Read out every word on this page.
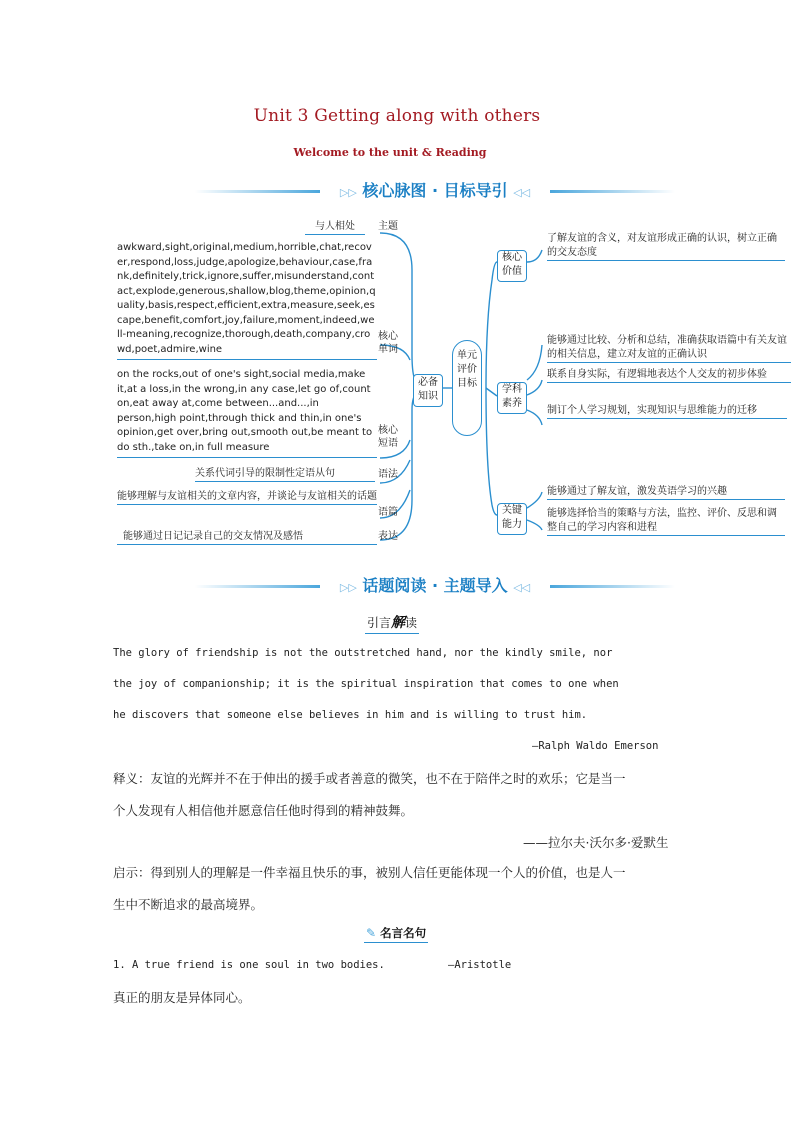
Unit 3 Getting along with others
Welcome to the unit & Reading
▷▷ 核心脉图 · 目标导引 ◁◁
与人相处	主题
awkward,sight,original,medium,horrible,chat,recover,respond,loss,judge,apologize,behaviour,case,frank,definitely,trick,ignore,suffer,misunderstand,contact,explode,generous,shallow,blog,theme,opinion,quality,basis,respect,efficient,extra,measure,seek,escape,benefit,comfort,joy,failure,moment,indeed,well-meaning,recognize,thorough,death,company,crowd,poet,admire,wine
核心
单词
on the rocks,out of one's sight,social media,make it,at a loss,in the wrong,in any case,let go of,count on,eat away at,come between...and...,in person,high point,through thick and thin,in one's opinion,get over,bring out,smooth out,be meant to do sth.,take on,in full measure
核心
短语
关系代词引导的限制性定语从句	语法
能够理解与友谊相关的文章内容，并谈论与友谊相关的话题
语篇
能够通过日记记录自己的交友情况及感悟	表达
必备
知识
单元评价目标
核心
价值
学科
素养
关键
能力
了解友谊的含义，对友谊形成正确的认识，树立正确的交友态度
能够通过比较、分析和总结，准确获取语篇中有关友谊的相关信息，建立对友谊的正确认识
联系自身实际，有逻辑地表达个人交友的初步体验
制订个人学习规划，实现知识与思维能力的迁移
能够通过了解友谊，激发英语学习的兴趣
能够选择恰当的策略与方法，监控、评价、反思和调整自己的学习内容和进程
▷▷ 话题阅读 · 主题导入 ◁◁
引言解读
The glory of friendship is not the outstretched hand, nor the kindly smile, nor
the joy of companionship; it is the spiritual inspiration that comes to one when
he discovers that someone else believes in him and is willing to trust him.
—Ralph Waldo Emerson
释义：友谊的光辉并不在于伸出的援手或者善意的微笑，也不在于陪伴之时的欢乐；它是当一
个人发现有人相信他并愿意信任他时得到的精神鼓舞。
——拉尔夫·沃尔多·爱默生
启示：得到别人的理解是一件幸福且快乐的事，被别人信任更能体现一个人的价值，也是人一
生中不断追求的最高境界。
✎ 名言名句
1. A true friend is one soul in two bodies.	—Aristotle
真正的朋友是异体同心。
